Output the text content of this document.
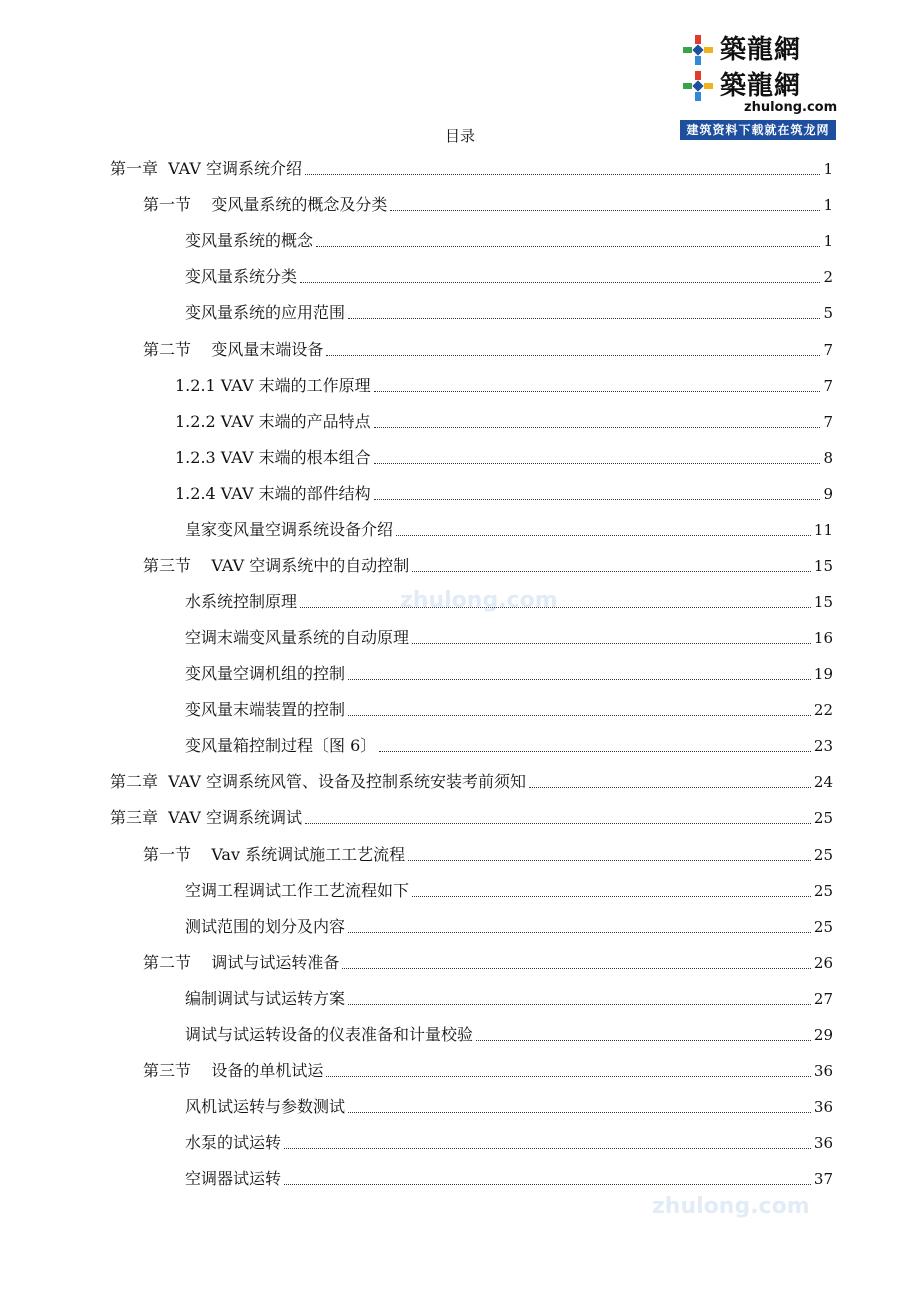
築龍網
築龍網
zhulong.com
建筑资料下载就在筑龙网
zhulong.com
zhulong.com
目录
第一章  VAV 空调系统介绍	1
第一节    变风量系统的概念及分类	1
变风量系统的概念	1
变风量系统分类	2
变风量系统的应用范围	5
第二节    变风量末端设备	7
1.2.1 VAV 末端的工作原理	7
1.2.2 VAV 末端的产品特点	7
1.2.3 VAV 末端的根本组合	8
1.2.4 VAV 末端的部件结构	9
皇家变风量空调系统设备介绍	11
第三节    VAV 空调系统中的自动控制	15
水系统控制原理	15
空调末端变风量系统的自动原理	16
变风量空调机组的控制	19
变风量末端装置的控制	22
变风量箱控制过程〔图 6〕	23
第二章  VAV 空调系统风管、设备及控制系统安装考前须知	24
第三章  VAV 空调系统调试	25
第一节    Vav 系统调试施工工艺流程	25
空调工程调试工作工艺流程如下	25
测试范围的划分及内容	25
第二节    调试与试运转准备	26
编制调试与试运转方案	27
调试与试运转设备的仪表准备和计量校验	29
第三节    设备的单机试运	36
风机试运转与参数测试	36
水泵的试运转	36
空调器试运转	37
